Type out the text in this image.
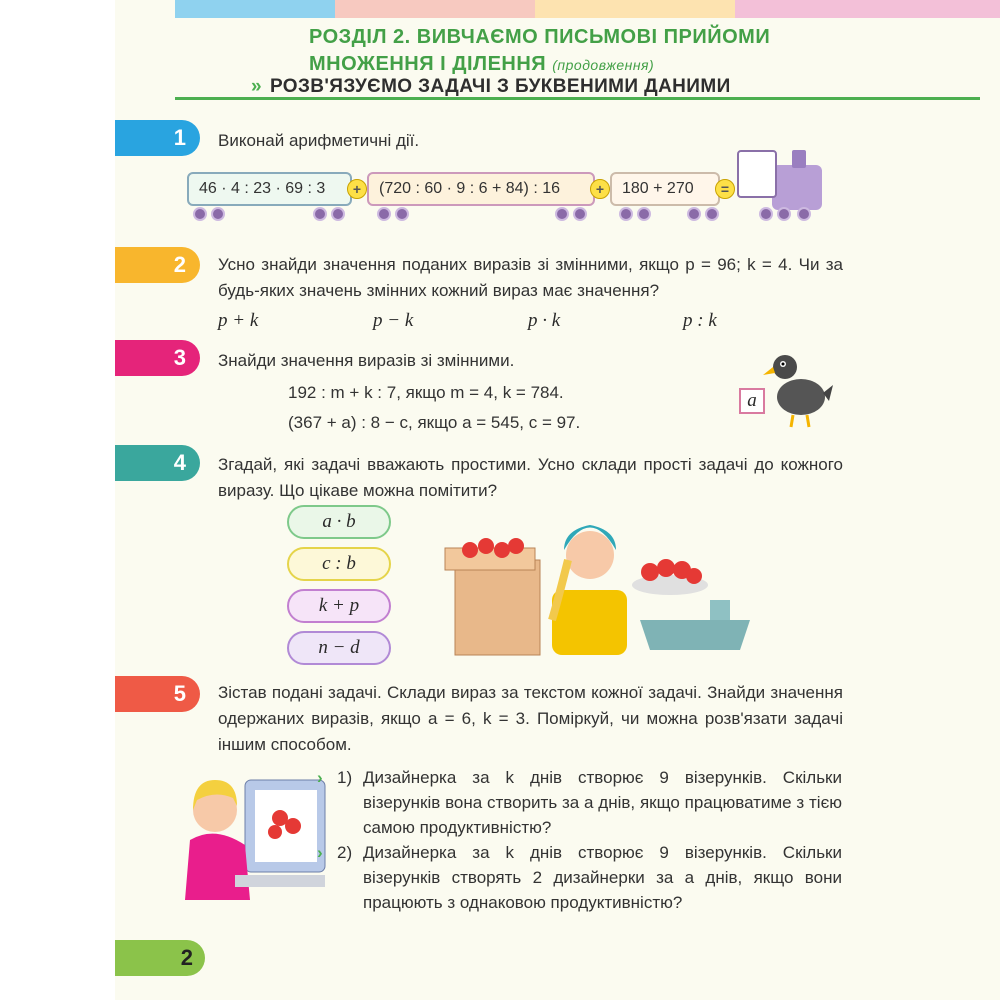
РОЗДІЛ 2. ВИВЧАЄМО ПИСЬМОВІ ПРИЙОМИ
МНОЖЕННЯ І ДІЛЕННЯ (продовження)
» РОЗВ'ЯЗУЄМО ЗАДАЧІ З БУКВЕНИМИ ДАНИМИ
1	Виконай арифметичні дії.
46 · 4 : 23 · 69 : 3	+	(720 : 60 · 9 : 6 + 84) : 16	+	180 + 270	=
2	Усно знайди значення поданих виразів зі змінними, якщо p = 96; k = 4. Чи за будь-яких значень змінних кожний вираз має значення?
p + k	p − k	p · k	p : k
3	Знайди значення виразів зі змінними.
192 : m + k : 7, якщо m = 4, k = 784.
(367 + a) : 8 − c, якщо a = 545, c = 97.
a
4	Згадай, які задачі вважають простими. Усно склади прості задачі до кожного виразу. Що цікаве можна помітити?
a · b
c : b
k + p
n − d
5	Зістав подані задачі. Склади вираз за текстом кожної задачі. Знайди значення одержаних виразів, якщо a = 6, k = 3. Поміркуй, чи можна розв'язати задачі іншим способом.
› 1) Дизайнерка за k днів створює 9 візерунків. Скільки візерунків вона створить за a днів, якщо працюватиме з тією самою продуктивністю?
› 2) Дизайнерка за k днів створює 9 візерунків. Скільки візерунків створять 2 дизайнерки за a днів, якщо вони працюють з однаковою продуктивністю?
2
